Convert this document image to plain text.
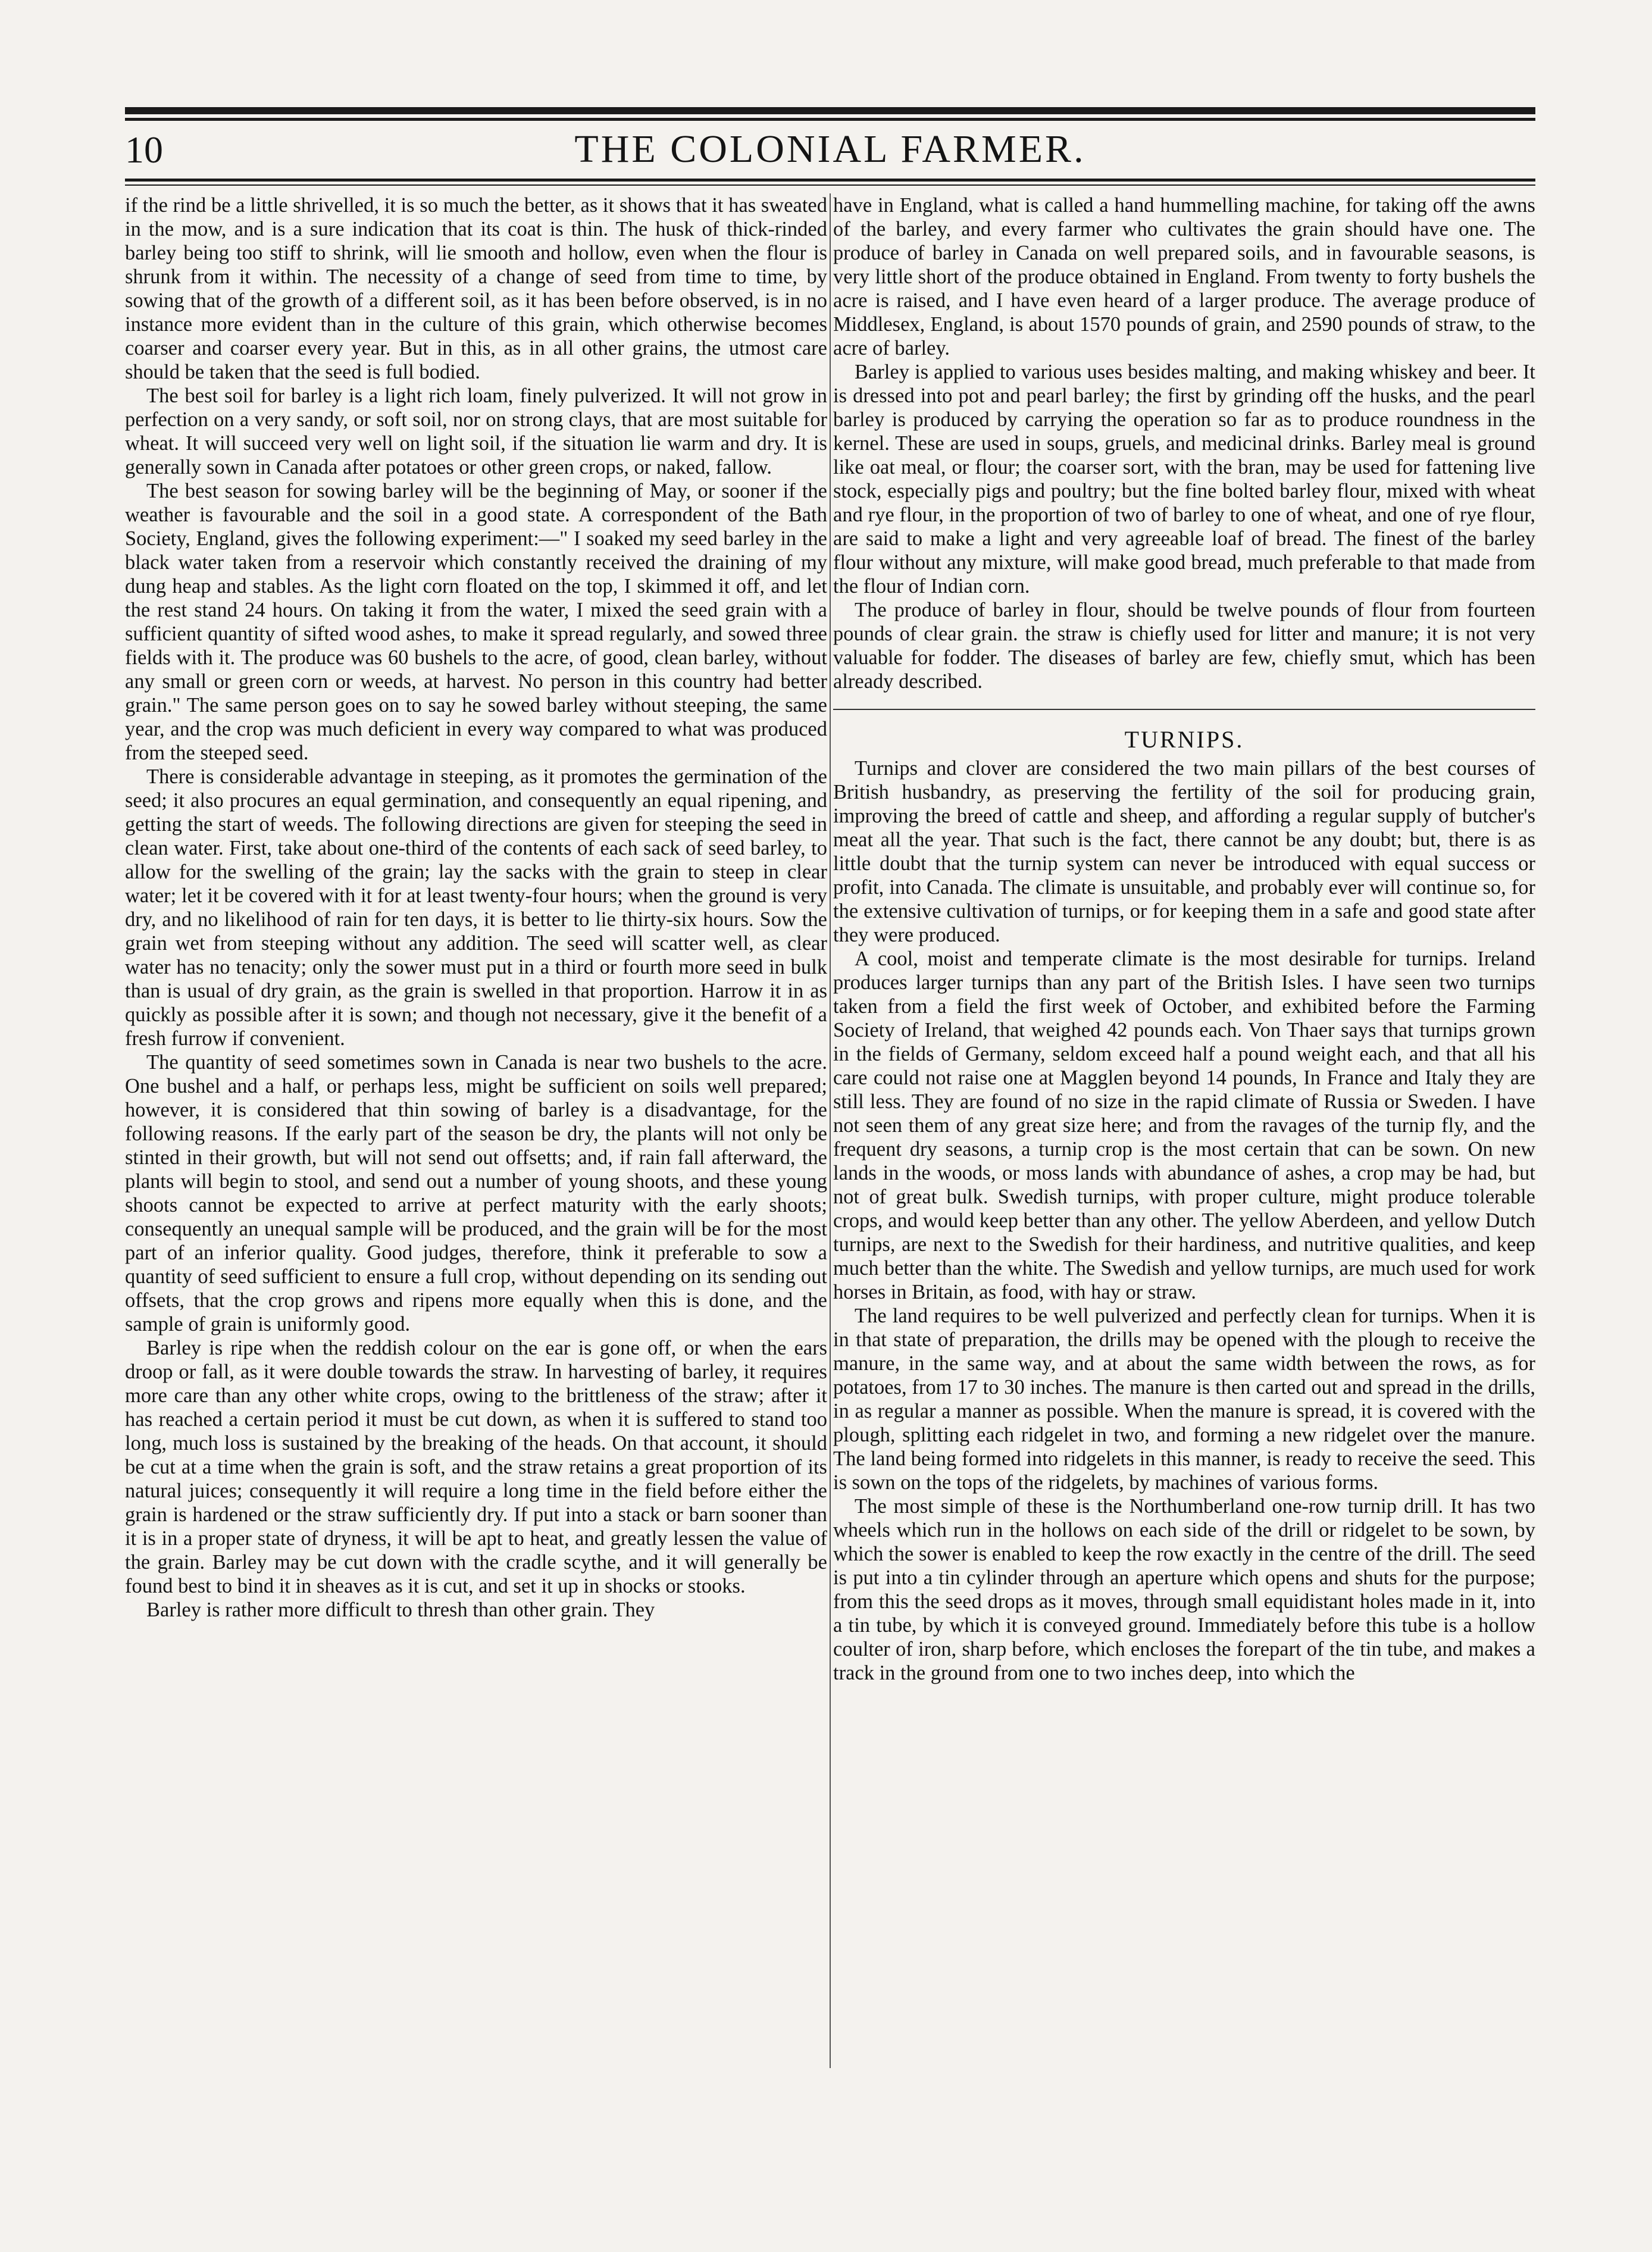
10	THE COLONIAL FARMER.

if the rind be a little shrivelled, it is so much the better, as it shows that it has sweated in the mow, and is a sure indication that its coat is thin. The husk of thick-rinded barley being too stiff to shrink, will lie smooth and hollow, even when the flour is shrunk from it within. The necessity of a change of seed from time to time, by sowing that of the growth of a different soil, as it has been before observed, is in no instance more evident than in the culture of this grain, which otherwise becomes coarser and coarser every year. But in this, as in all other grains, the utmost care should be taken that the seed is full bodied.

The best soil for barley is a light rich loam, finely pulverized. It will not grow in perfection on a very sandy, or soft soil, nor on strong clays, that are most suitable for wheat. It will succeed very well on light soil, if the situation lie warm and dry. It is generally sown in Canada after potatoes or other green crops, or naked, fallow.

The best season for sowing barley will be the beginning of May, or sooner if the weather is favourable and the soil in a good state. A correspondent of the Bath Society, England, gives the following experiment:—" I soaked my seed barley in the black water taken from a reservoir which constantly received the draining of my dung heap and stables. As the light corn floated on the top, I skimmed it off, and let the rest stand 24 hours. On taking it from the water, I mixed the seed grain with a sufficient quantity of sifted wood ashes, to make it spread regularly, and sowed three fields with it. The produce was 60 bushels to the acre, of good, clean barley, without any small or green corn or weeds, at harvest. No person in this country had better grain." The same person goes on to say he sowed barley without steeping, the same year, and the crop was much deficient in every way compared to what was produced from the steeped seed.

There is considerable advantage in steeping, as it promotes the germination of the seed; it also procures an equal germination, and consequently an equal ripening, and getting the start of weeds. The following directions are given for steeping the seed in clean water. First, take about one-third of the contents of each sack of seed barley, to allow for the swelling of the grain; lay the sacks with the grain to steep in clear water; let it be covered with it for at least twenty-four hours; when the ground is very dry, and no likelihood of rain for ten days, it is better to lie thirty-six hours. Sow the grain wet from steeping without any addition. The seed will scatter well, as clear water has no tenacity; only the sower must put in a third or fourth more seed in bulk than is usual of dry grain, as the grain is swelled in that proportion. Harrow it in as quickly as possible after it is sown; and though not necessary, give it the benefit of a fresh furrow if convenient.

The quantity of seed sometimes sown in Canada is near two bushels to the acre. One bushel and a half, or perhaps less, might be sufficient on soils well prepared; however, it is considered that thin sowing of barley is a disadvantage, for the following reasons. If the early part of the season be dry, the plants will not only be stinted in their growth, but will not send out offsetts; and, if rain fall afterward, the plants will begin to stool, and send out a number of young shoots, and these young shoots cannot be expected to arrive at perfect maturity with the early shoots; consequently an unequal sample will be produced, and the grain will be for the most part of an inferior quality. Good judges, therefore, think it preferable to sow a quantity of seed sufficient to ensure a full crop, without depending on its sending out offsets, that the crop grows and ripens more equally when this is done, and the sample of grain is uniformly good.

Barley is ripe when the reddish colour on the ear is gone off, or when the ears droop or fall, as it were double towards the straw. In harvesting of barley, it requires more care than any other white crops, owing to the brittleness of the straw; after it has reached a certain period it must be cut down, as when it is suffered to stand too long, much loss is sustained by the breaking of the heads. On that account, it should be cut at a time when the grain is soft, and the straw retains a great proportion of its natural juices; consequently it will require a long time in the field before either the grain is hardened or the straw sufficiently dry. If put into a stack or barn sooner than it is in a proper state of dryness, it will be apt to heat, and greatly lessen the value of the grain. Barley may be cut down with the cradle scythe, and it will generally be found best to bind it in sheaves as it is cut, and set it up in shocks or stooks.

Barley is rather more difficult to thresh than other grain. They

have in England, what is called a hand hummelling machine, for taking off the awns of the barley, and every farmer who cultivates the grain should have one. The produce of barley in Canada on well prepared soils, and in favourable seasons, is very little short of the produce obtained in England. From twenty to forty bushels the acre is raised, and I have even heard of a larger produce. The average produce of Middlesex, England, is about 1570 pounds of grain, and 2590 pounds of straw, to the acre of barley.

Barley is applied to various uses besides malting, and making whiskey and beer. It is dressed into pot and pearl barley; the first by grinding off the husks, and the pearl barley is produced by carrying the operation so far as to produce roundness in the kernel. These are used in soups, gruels, and medicinal drinks. Barley meal is ground like oat meal, or flour; the coarser sort, with the bran, may be used for fattening live stock, especially pigs and poultry; but the fine bolted barley flour, mixed with wheat and rye flour, in the proportion of two of barley to one of wheat, and one of rye flour, are said to make a light and very agreeable loaf of bread. The finest of the barley flour without any mixture, will make good bread, much preferable to that made from the flour of Indian corn.

The produce of barley in flour, should be twelve pounds of flour from fourteen pounds of clear grain. the straw is chiefly used for litter and manure; it is not very valuable for fodder. The diseases of barley are few, chiefly smut, which has been already described.

TURNIPS.

Turnips and clover are considered the two main pillars of the best courses of British husbandry, as preserving the fertility of the soil for producing grain, improving the breed of cattle and sheep, and affording a regular supply of butcher's meat all the year. That such is the fact, there cannot be any doubt; but, there is as little doubt that the turnip system can never be introduced with equal success or profit, into Canada. The climate is unsuitable, and probably ever will continue so, for the extensive cultivation of turnips, or for keeping them in a safe and good state after they were produced.

A cool, moist and temperate climate is the most desirable for turnips. Ireland produces larger turnips than any part of the British Isles. I have seen two turnips taken from a field the first week of October, and exhibited before the Farming Society of Ireland, that weighed 42 pounds each. Von Thaer says that turnips grown in the fields of Germany, seldom exceed half a pound weight each, and that all his care could not raise one at Magglen beyond 14 pounds, In France and Italy they are still less. They are found of no size in the rapid climate of Russia or Sweden. I have not seen them of any great size here; and from the ravages of the turnip fly, and the frequent dry seasons, a turnip crop is the most certain that can be sown. On new lands in the woods, or moss lands with abundance of ashes, a crop may be had, but not of great bulk. Swedish turnips, with proper culture, might produce tolerable crops, and would keep better than any other. The yellow Aberdeen, and yellow Dutch turnips, are next to the Swedish for their hardiness, and nutritive qualities, and keep much better than the white. The Swedish and yellow turnips, are much used for work horses in Britain, as food, with hay or straw.

The land requires to be well pulverized and perfectly clean for turnips. When it is in that state of preparation, the drills may be opened with the plough to receive the manure, in the same way, and at about the same width between the rows, as for potatoes, from 17 to 30 inches. The manure is then carted out and spread in the drills, in as regular a manner as possible. When the manure is spread, it is covered with the plough, splitting each ridgelet in two, and forming a new ridgelet over the manure. The land being formed into ridgelets in this manner, is ready to receive the seed. This is sown on the tops of the ridgelets, by machines of various forms.

The most simple of these is the Northumberland one-row turnip drill. It has two wheels which run in the hollows on each side of the drill or ridgelet to be sown, by which the sower is enabled to keep the row exactly in the centre of the drill. The seed is put into a tin cylinder through an aperture which opens and shuts for the purpose; from this the seed drops as it moves, through small equidistant holes made in it, into a tin tube, by which it is conveyed ground. Immediately before this tube is a hollow coulter of iron, sharp before, which encloses the forepart of the tin tube, and makes a track in the ground from one to two inches deep, into which the
